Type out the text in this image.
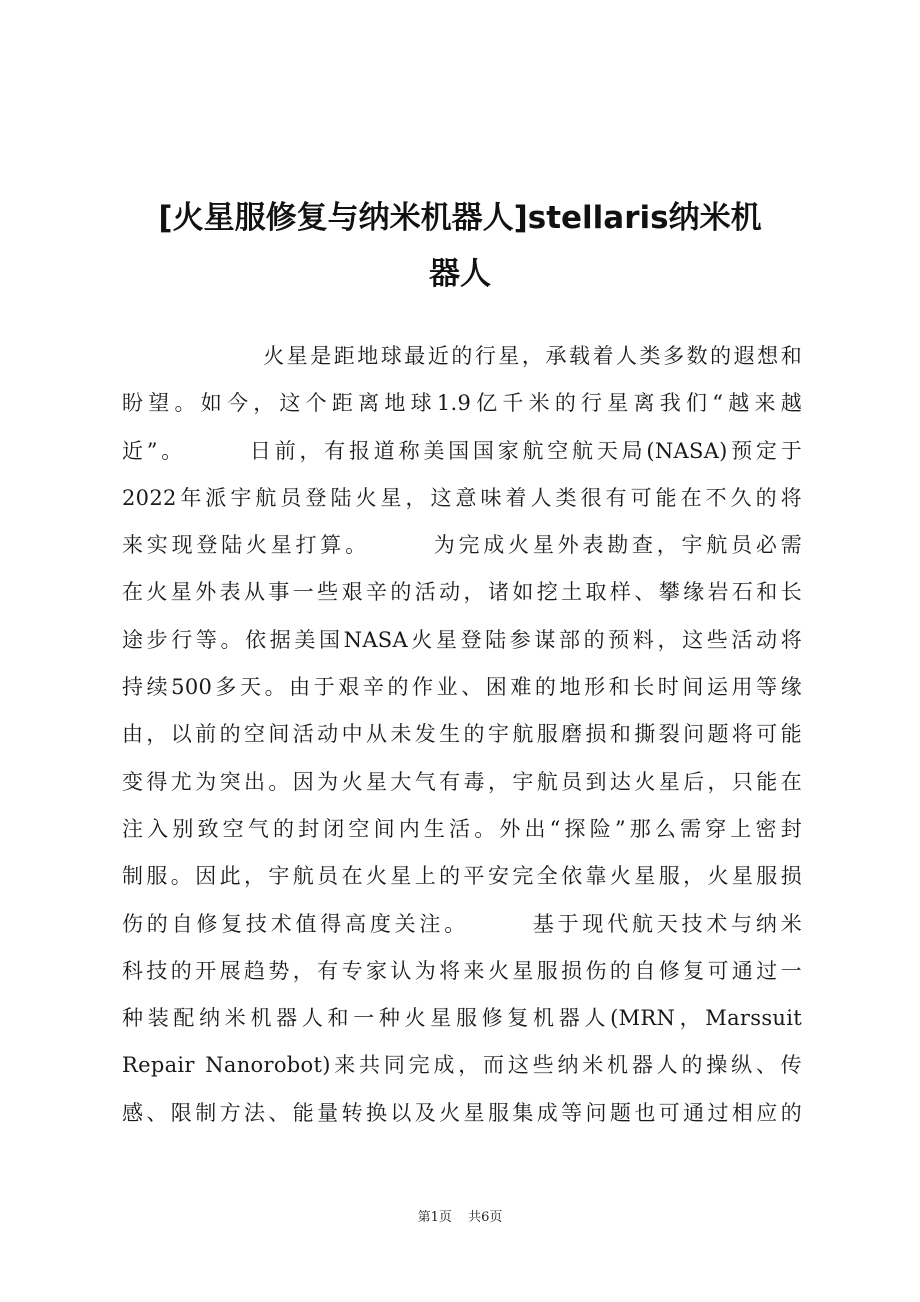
[火星服修复与纳米机器人]stellaris纳米机
器人
　　　　　　火星是距地球最近的行星，承载着人类多数的遐想和
盼望。如今，这个距离地球1.9亿千米的行星离我们“越来越
近”。　　　日前，有报道称美国国家航空航天局(NASA)预定于
2022年派宇航员登陆火星，这意味着人类很有可能在不久的将
来实现登陆火星打算。　　　为完成火星外表勘查，宇航员必需
在火星外表从事一些艰辛的活动，诸如挖土取样、攀缘岩石和长
途步行等。依据美国NASA火星登陆参谋部的预料，这些活动将
持续500多天。由于艰辛的作业、困难的地形和长时间运用等缘
由，以前的空间活动中从未发生的宇航服磨损和撕裂问题将可能
变得尤为突出。因为火星大气有毒，宇航员到达火星后，只能在
注入别致空气的封闭空间内生活。外出“探险”那么需穿上密封
制服。因此，宇航员在火星上的平安完全依靠火星服，火星服损
伤的自修复技术值得高度关注。　　　基于现代航天技术与纳米
科技的开展趋势，有专家认为将来火星服损伤的自修复可通过一
种装配纳米机器人和一种火星服修复机器人(MRN，Marssuit
Repair Nanorobot)来共同完成，而这些纳米机器人的操纵、传
感、限制方法、能量转换以及火星服集成等问题也可通过相应的
第1页 共6页
